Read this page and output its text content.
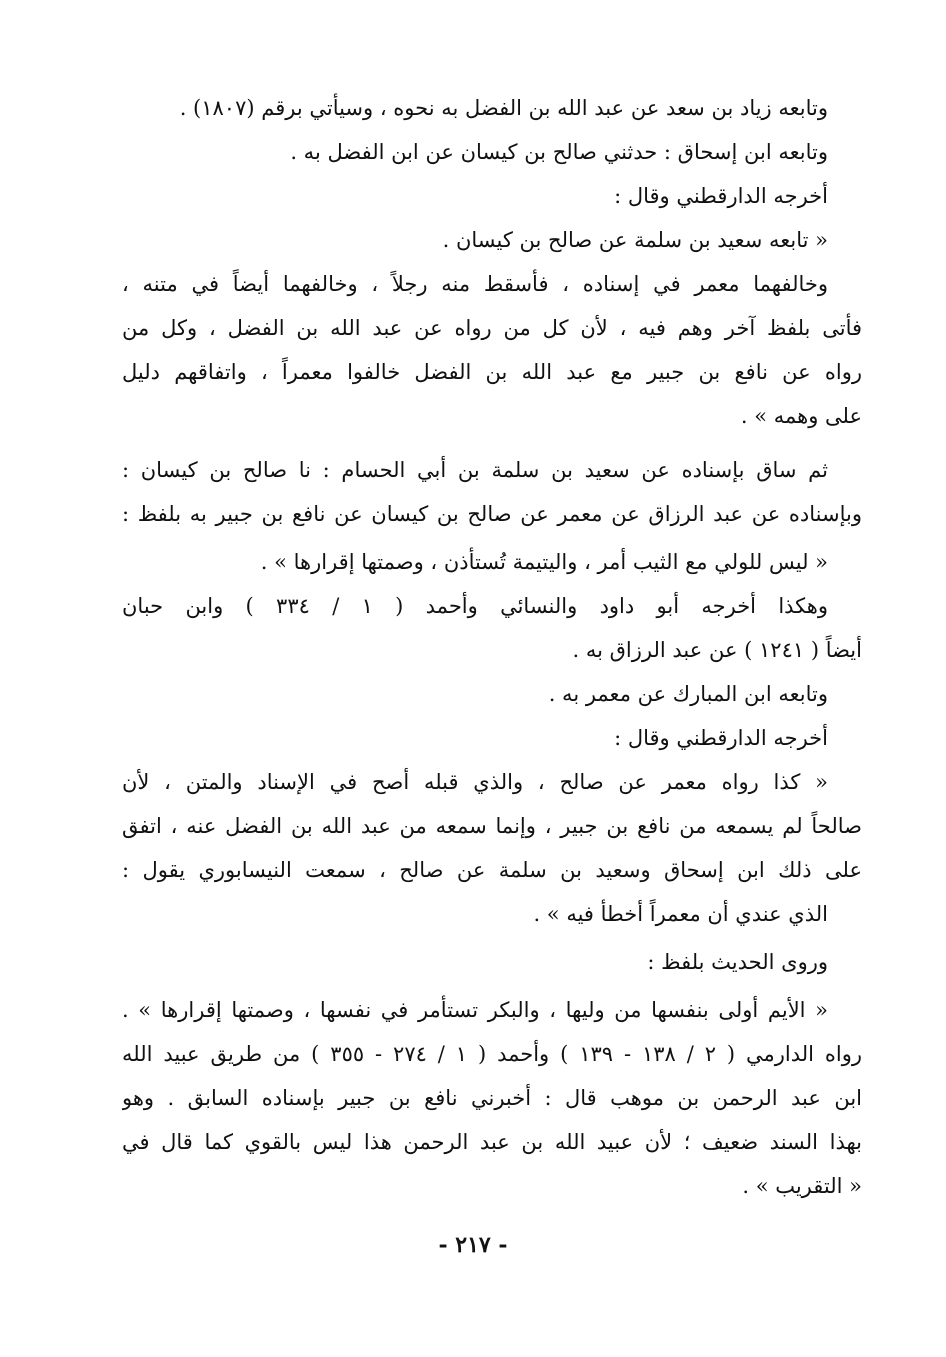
وتابعه زياد بن سعد عن عبد الله بن الفضل به نحوه ، وسيأتي برقم (١٨٠٧) .
وتابعه ابن إسحاق : حدثني صالح بن كيسان عن ابن الفضل به .
أخرجه الدارقطني وقال :
« تابعه سعيد بن سلمة عن صالح بن كيسان .
وخالفهما معمر في إسناده ، فأسقط منه رجلاً ، وخالفهما أيضاً في متنه ،
فأتى بلفظ آخر وهم فيه ، لأن كل من رواه عن عبد الله بن الفضل ، وكل من
رواه عن نافع بن جبير مع عبد الله بن الفضل خالفوا معمراً ، واتفاقهم دليل
على وهمه » .
ثم ساق بإسناده عن سعيد بن سلمة بن أبي الحسام : نا صالح بن كيسان :
وبإسناده عن عبد الرزاق عن معمر عن صالح بن كيسان عن نافع بن جبير به بلفظ :
« ليس للولي مع الثيب أمر ، واليتيمة تُستأذن ، وصمتها إقرارها » .
وهكذا أخرجه أبو داود والنسائي وأحمد ( ١ / ٣٣٤ ) وابن حبان
أيضاً ( ١٢٤١ ) عن عبد الرزاق به .
وتابعه ابن المبارك عن معمر به .
أخرجه الدارقطني وقال :
« كذا رواه معمر عن صالح ، والذي قبله أصح في الإسناد والمتن ، لأن
صالحاً لم يسمعه من نافع بن جبير ، وإنما سمعه من عبد الله بن الفضل عنه ، اتفق
على ذلك ابن إسحاق وسعيد بن سلمة عن صالح ، سمعت النيسابوري يقول :
الذي عندي أن معمراً أخطأ فيه » .
وروى الحديث بلفظ :
« الأيم أولى بنفسها من وليها ، والبكر تستأمر في نفسها ، وصمتها إقرارها » .
رواه الدارمي ( ٢ / ١٣٨ - ١٣٩ ) وأحمد ( ١ / ٢٧٤ - ٣٥٥ ) من طريق عبيد الله
ابن عبد الرحمن بن موهب قال : أخبرني نافع بن جبير بإسناده السابق . وهو
بهذا السند ضعيف ؛ لأن عبيد الله بن عبد الرحمن هذا ليس بالقوي كما قال في
« التقريب » .
- ٢١٧ -
